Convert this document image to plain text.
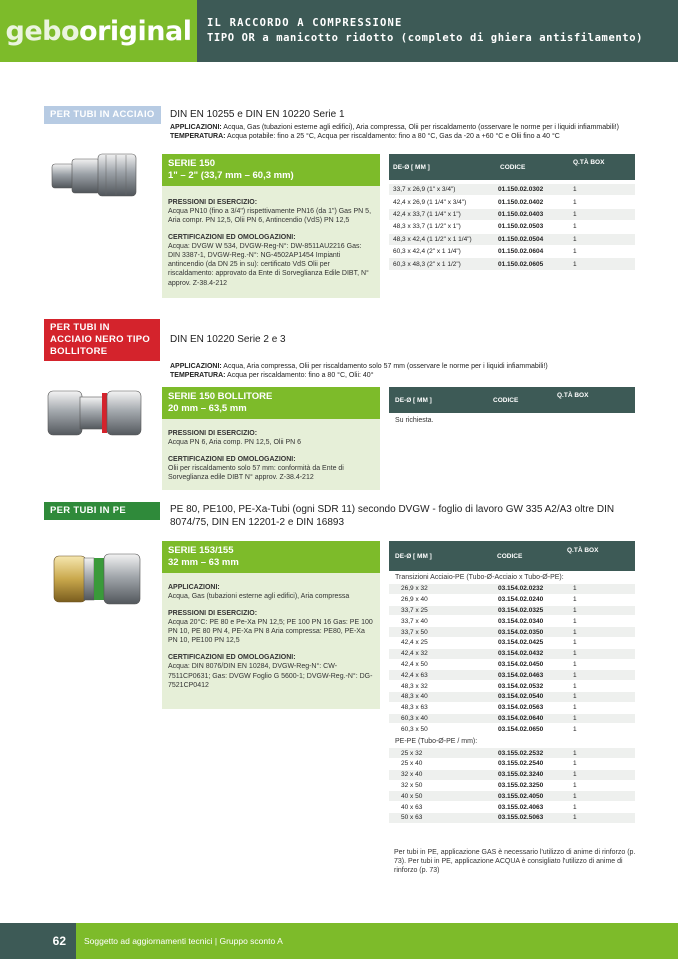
gebooriginal IL RACCORDO A COMPRESSIONE
TIPO OR a manicotto ridotto (completo di ghiera antisfilamento)
PER TUBI IN ACCIAIO	DIN EN 10255 e DIN EN 10220 Serie 1
APPLICAZIONI: Acqua, Gas (tubazioni esterne agli edifici), Aria compressa, Olii per riscaldamento (osservare le norme per i liquidi infiammabili!)
TEMPERATURA: Acqua potabile: fino a 25 °C, Acqua per riscaldamento: fino a 80 °C, Gas da -20 a +60 °C e Olii fino a 40 °C
SERIE 150
1" – 2" (33,7 mm – 60,3 mm)
PRESSIONI DI ESERCIZIO:
Acqua PN10 (fino a 3/4") rispettivamente PN16 (da 1") Gas PN 5, Aria compr. PN 12,5, Olii PN 6, Antincendio (VdS) PN 12,5
CERTIFICAZIONI ED OMOLOGAZIONI:
Acqua: DVGW W 534, DVGW-Reg-N°: DW-8511AU2216 Gas: DIN 3387-1, DVGW-Reg.-N°: NG-4502AP1454 Impianti antincendio (da DN 25 in su): certificato VdS Olii per riscaldamento: approvato da Ente di Sorveglianza Edile DIBT, N° approv. Z-38.4-212
DE-Ø [ MM ]	CODICE
Q.TÀ BOX
33,7 x 26,9 (1" x 3/4")	01.150.02.0302	1
42,4 x 26,9 (1 1/4" x 3/4")	01.150.02.0402	1
42,4 x 33,7 (1 1/4" x 1")	01.150.02.0403	1
48,3 x 33,7 (1 1/2" x 1")	01.150.02.0503	1
48,3 x 42,4 (1 1/2" x 1 1/4")	01.150.02.0504	1
60,3 x 42,4 (2" x 1 1/4")	01.150.02.0604	1
60,3 x 48,3 (2" x 1 1/2")	01.150.02.0605	1
PER TUBI IN ACCIAIO NERO TIPO BOLLITORE
DIN EN 10220 Serie 2 e 3
APPLICAZIONI: Acqua, Aria compressa, Olii per riscaldamento solo 57 mm (osservare le norme per i liquidi infiammabili!)
TEMPERATURA: Acqua per riscaldamento: fino a 80 °C, Olii: 40°
SERIE 150 BOLLITORE
20 mm – 63,5 mm
PRESSIONI DI ESERCIZIO:
Acqua PN 6, Aria comp. PN 12,5, Olii PN 6
CERTIFICAZIONI ED OMOLOGAZIONI:
Olii per riscaldamento solo 57 mm: conformità da Ente di Sorveglianza edile DIBT N° approv. Z-38.4-212
DE-Ø [ MM ]	CODICE
Q.TÀ BOX
Su richiesta.
PER TUBI IN PE	PE 80, PE100, PE-Xa-Tubi (ogni SDR 11) secondo DVGW - foglio di lavoro GW 335 A2/A3 oltre DIN 8074/75, DIN EN 12201-2 e DIN 16893
SERIE 153/155
32 mm – 63 mm
APPLICAZIONI:
Acqua, Gas (tubazioni esterne agli edifici), Aria compressa
PRESSIONI DI ESERCIZIO:
Acqua 20°C: PE 80 e Pe-Xa PN 12,5; PE 100 PN 16 Gas: PE 100 PN 10, PE 80 PN 4, PE-Xa PN 8 Aria compressa: PE80, PE-Xa PN 10, PE100 PN 12,5
CERTIFICAZIONI ED OMOLOGAZIONI:
Acqua: DIN 8076/DIN EN 10284, DVGW-Reg-N°: CW-7511CP0631; Gas: DVGW Foglio G 5600-1; DVGW-Reg.-N°: DG-7521CP0412
DE-Ø [ MM ]	CODICE
Q.TÀ BOX
Transizioni Acciaio-PE (Tubo-Ø-Acciaio x Tubo-Ø-PE):
26,9 x 32	03.154.02.0232	1
26,9 x 40	03.154.02.0240	1
33,7 x 25	03.154.02.0325	1
33,7 x 40	03.154.02.0340	1
33,7 x 50	03.154.02.0350	1
42,4 x 25	03.154.02.0425	1
42,4 x 32	03.154.02.0432	1
42,4 x 50	03.154.02.0450	1
42,4 x 63	03.154.02.0463	1
48,3 x 32	03.154.02.0532	1
48,3 x 40	03.154.02.0540	1
48,3 x 63	03.154.02.0563	1
60,3 x 40	03.154.02.0640	1
60,3 x 50	03.154.02.0650	1
PE-PE (Tubo-Ø-PE / mm):
25 x 32	03.155.02.2532	1
25 x 40	03.155.02.2540	1
32 x 40	03.155.02.3240	1
32 x 50	03.155.02.3250	1
40 x 50	03.155.02.4050	1
40 x 63	03.155.02.4063	1
50 x 63	03.155.02.5063	1
Per tubi in PE, applicazione GAS è necessario l'utilizzo di anime di rinforzo (p. 73). Per tubi in PE, applicazione ACQUA è consigliato l'utilizzo di anime di rinforzo (p. 73)
62	Soggetto ad aggiornamenti tecnici | Gruppo sconto A
